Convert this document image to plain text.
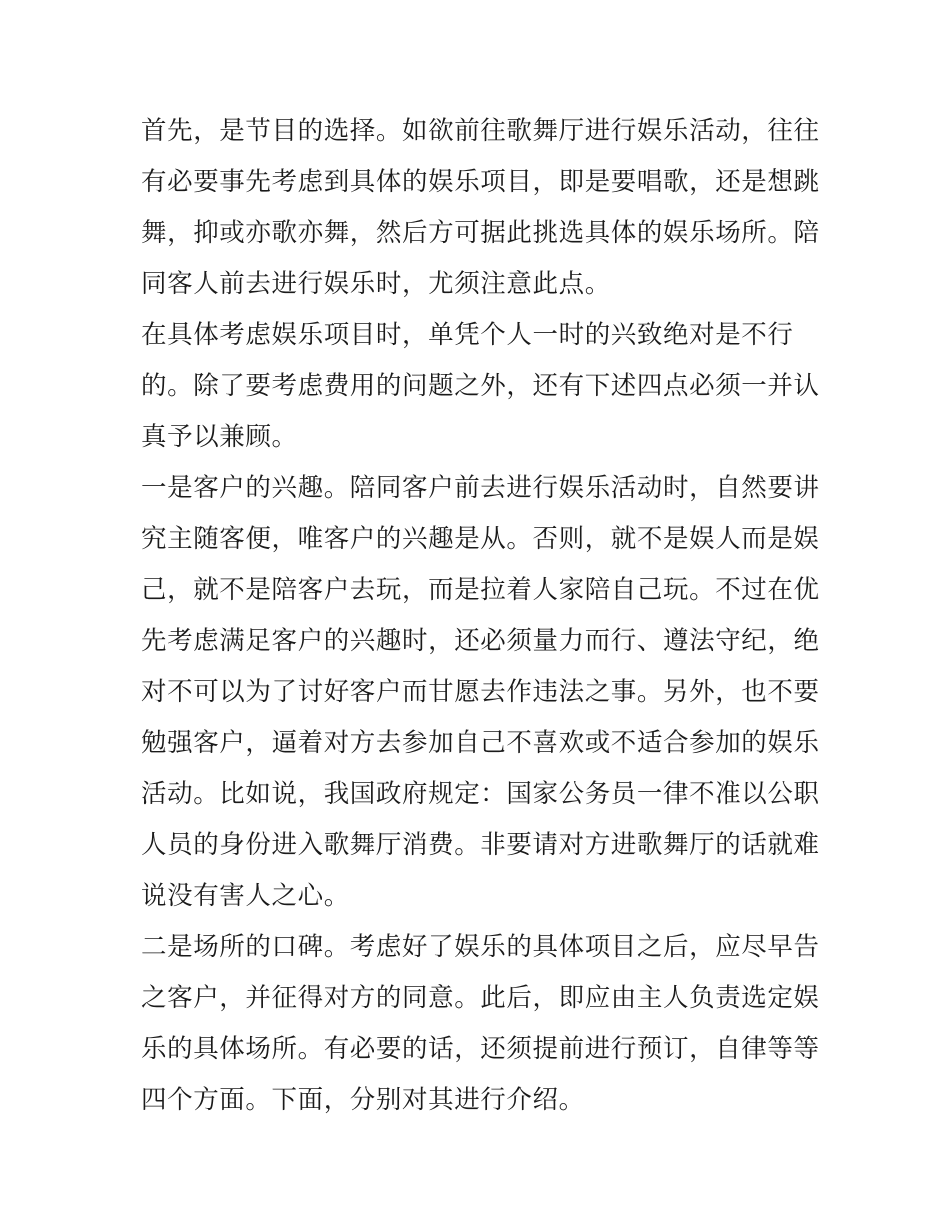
首先，是节目的选择。如欲前往歌舞厅进行娱乐活动，往往有必要事先考虑到具体的娱乐项目，即是要唱歌，还是想跳舞，抑或亦歌亦舞，然后方可据此挑选具体的娱乐场所。陪同客人前去进行娱乐时，尤须注意此点。

在具体考虑娱乐项目时，单凭个人一时的兴致绝对是不行的。除了要考虑费用的问题之外，还有下述四点必须一并认真予以兼顾。

一是客户的兴趣。陪同客户前去进行娱乐活动时，自然要讲究主随客便，唯客户的兴趣是从。否则，就不是娱人而是娱己，就不是陪客户去玩，而是拉着人家陪自己玩。不过在优先考虑满足客户的兴趣时，还必须量力而行、遵法守纪，绝对不可以为了讨好客户而甘愿去作违法之事。另外，也不要勉强客户，逼着对方去参加自己不喜欢或不适合参加的娱乐活动。比如说，我国政府规定：国家公务员一律不准以公职人员的身份进入歌舞厅消费。非要请对方进歌舞厅的话就难说没有害人之心。

二是场所的口碑。考虑好了娱乐的具体项目之后，应尽早告之客户，并征得对方的同意。此后，即应由主人负责选定娱乐的具体场所。有必要的话，还须提前进行预订，自律等等四个方面。下面，分别对其进行介绍。
